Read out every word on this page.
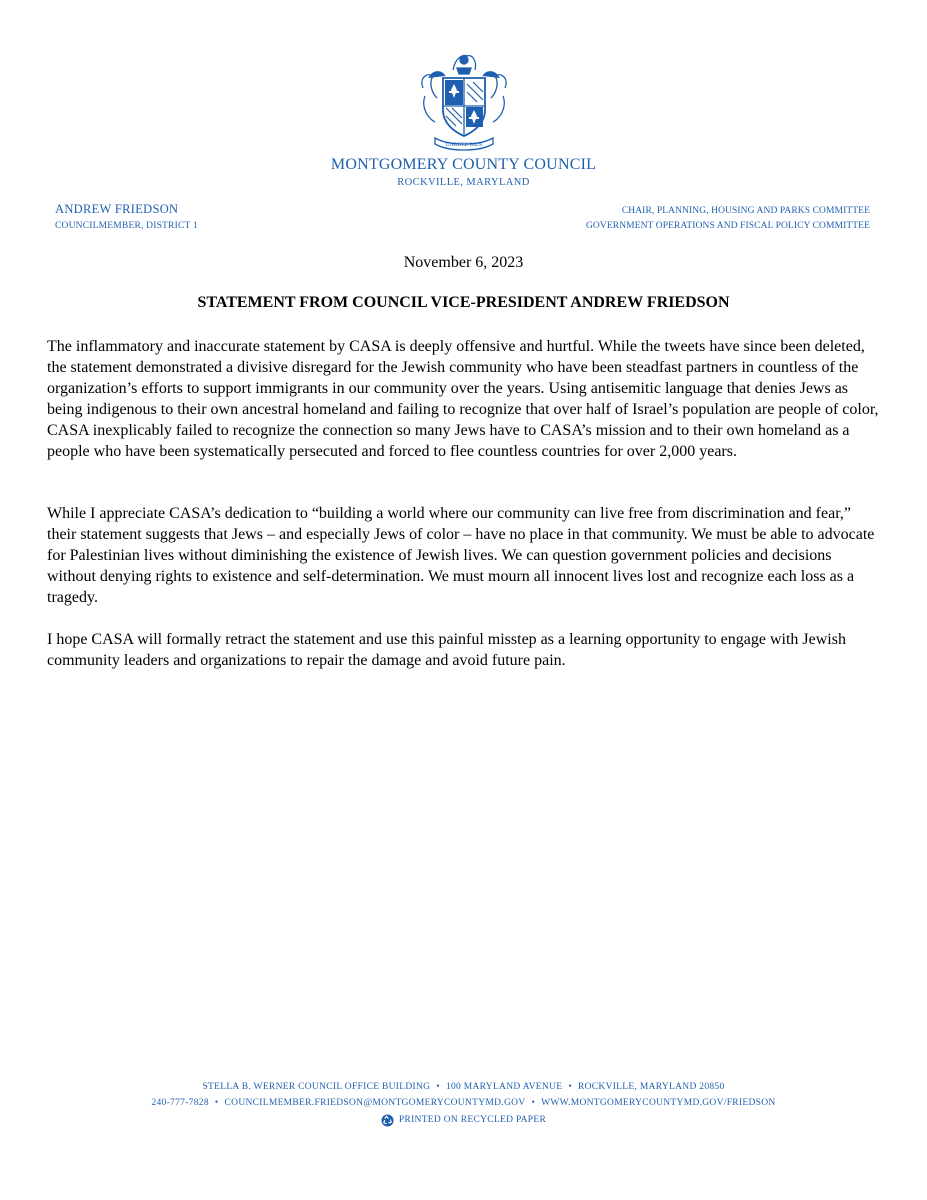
GARDEZ BIEN
MONTGOMERY COUNTY COUNCIL
ROCKVILLE, MARYLAND
ANDREW FRIEDSON
COUNCILMEMBER, DISTRICT 1
CHAIR, PLANNING, HOUSING AND PARKS COMMITTEE
GOVERNMENT OPERATIONS AND FISCAL POLICY COMMITTEE
November 6, 2023
STATEMENT FROM COUNCIL VICE-PRESIDENT ANDREW FRIEDSON

The inflammatory and inaccurate statement by CASA is deeply offensive and hurtful. While the tweets have since been deleted, the statement demonstrated a divisive disregard for the Jewish community who have been steadfast partners in countless of the organization’s efforts to support immigrants in our community over the years. Using antisemitic language that denies Jews as being indigenous to their own ancestral homeland and failing to recognize that over half of Israel’s population are people of color, CASA inexplicably failed to recognize the connection so many Jews have to CASA’s mission and to their own homeland as a people who have been systematically persecuted and forced to flee countless countries for over 2,000 years.

While I appreciate CASA’s dedication to “building a world where our community can live free from discrimination and fear,” their statement suggests that Jews – and especially Jews of color – have no place in that community. We must be able to advocate for Palestinian lives without diminishing the existence of Jewish lives. We can question government policies and decisions without denying rights to existence and self-determination. We must mourn all innocent lives lost and recognize each loss as a tragedy.

I hope CASA will formally retract the statement and use this painful misstep as a learning opportunity to engage with Jewish community leaders and organizations to repair the damage and avoid future pain.

STELLA B. WERNER COUNCIL OFFICE BUILDING • 100 MARYLAND AVENUE • ROCKVILLE, MARYLAND 20850
240-777-7828 • COUNCILMEMBER.FRIEDSON@MONTGOMERYCOUNTYMD.GOV • WWW.MONTGOMERYCOUNTYMD.GOV/FRIEDSON
PRINTED ON RECYCLED PAPER
